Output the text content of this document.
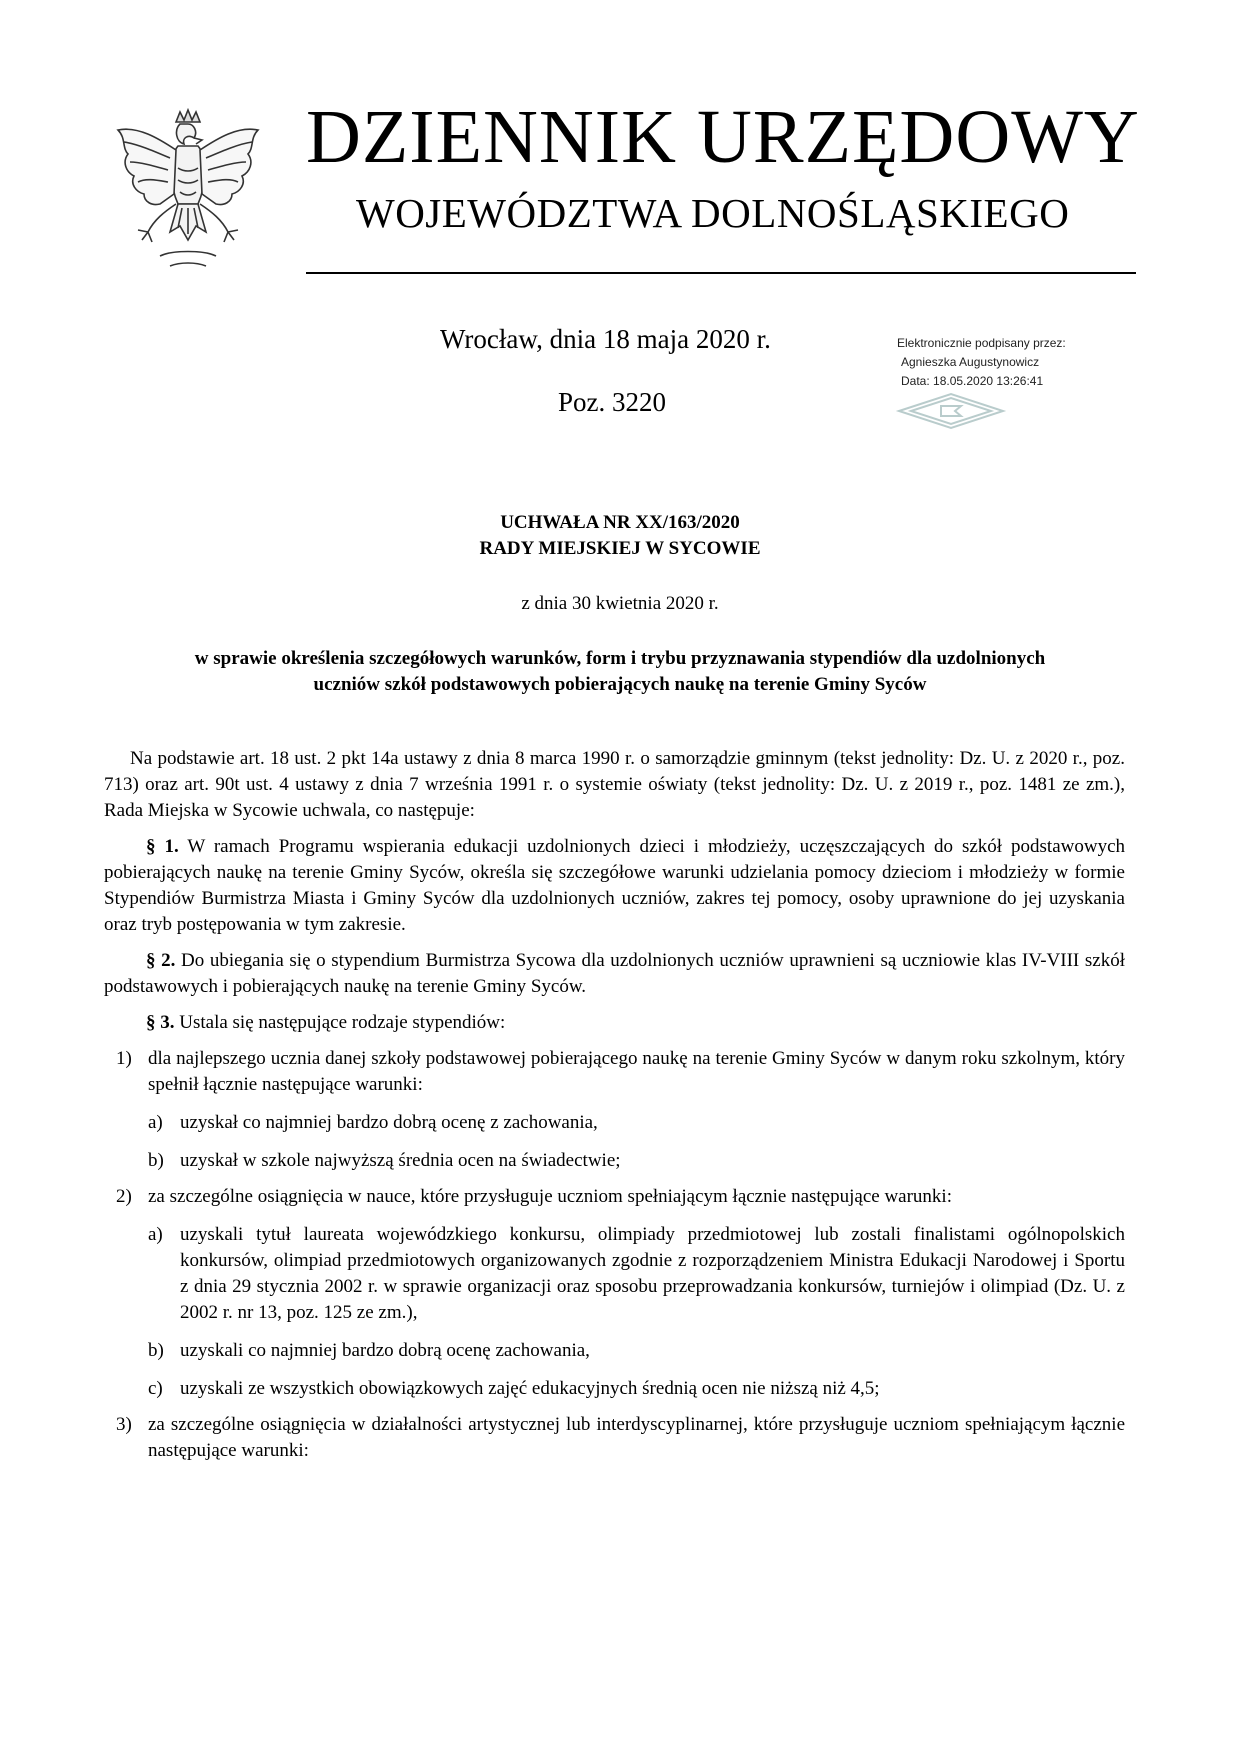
DZIENNIK URZĘDOWY
WOJEWÓDZTWA DOLNOŚLĄSKIEGO
Wrocław, dnia 18 maja 2020 r.
Poz. 3220
Elektronicznie podpisany przez:
Agnieszka Augustynowicz
Data: 18.05.2020 13:26:41
UCHWAŁA NR XX/163/2020
RADY MIEJSKIEJ W SYCOWIE
z dnia 30 kwietnia 2020 r.
w sprawie określenia szczegółowych warunków, form i trybu przyznawania stypendiów dla uzdolnionych
uczniów szkół podstawowych pobierających naukę na terenie Gminy Syców

Na podstawie art. 18 ust. 2 pkt 14a ustawy z dnia 8 marca 1990 r. o samorządzie gminnym (tekst jednolity: Dz. U. z 2020 r., poz. 713) oraz art. 90t ust. 4 ustawy z dnia 7 września 1991 r. o systemie oświaty (tekst jednolity: Dz. U. z 2019 r., poz. 1481 ze zm.), Rada Miejska w Sycowie uchwala, co następuje:

§ 1. W ramach Programu wspierania edukacji uzdolnionych dzieci i młodzieży, uczęszczających do szkół podstawowych pobierających naukę na terenie Gminy Syców, określa się szczegółowe warunki udzielania pomocy dzieciom i młodzieży w formie Stypendiów Burmistrza Miasta i Gminy Syców dla uzdolnionych uczniów, zakres tej pomocy, osoby uprawnione do jej uzyskania oraz tryb postępowania w tym zakresie.

§ 2. Do ubiegania się o stypendium Burmistrza Sycowa dla uzdolnionych uczniów uprawnieni są uczniowie klas IV-VIII szkół podstawowych i pobierających naukę na terenie Gminy Syców.

§ 3. Ustala się następujące rodzaje stypendiów:

1) dla najlepszego ucznia danej szkoły podstawowej pobierającego naukę na terenie Gminy Syców w danym roku szkolnym, który spełnił łącznie następujące warunki:

a) uzyskał co najmniej bardzo dobrą ocenę z zachowania,

b) uzyskał w szkole najwyższą średnia ocen na świadectwie;

2) za szczególne osiągnięcia w nauce, które przysługuje uczniom spełniającym łącznie następujące warunki:

a) uzyskali tytuł laureata wojewódzkiego konkursu, olimpiady przedmiotowej lub zostali finalistami ogólnopolskich konkursów, olimpiad przedmiotowych organizowanych zgodnie z rozporządzeniem Ministra Edukacji Narodowej i Sportu z dnia 29 stycznia 2002 r. w sprawie organizacji oraz sposobu przeprowadzania konkursów, turniejów i olimpiad (Dz. U. z 2002 r. nr 13, poz. 125 ze zm.),

b) uzyskali co najmniej bardzo dobrą ocenę zachowania,

c) uzyskali ze wszystkich obowiązkowych zajęć edukacyjnych średnią ocen nie niższą niż 4,5;

3) za szczególne osiągnięcia w działalności artystycznej lub interdyscyplinarnej, które przysługuje uczniom spełniającym łącznie następujące warunki:
